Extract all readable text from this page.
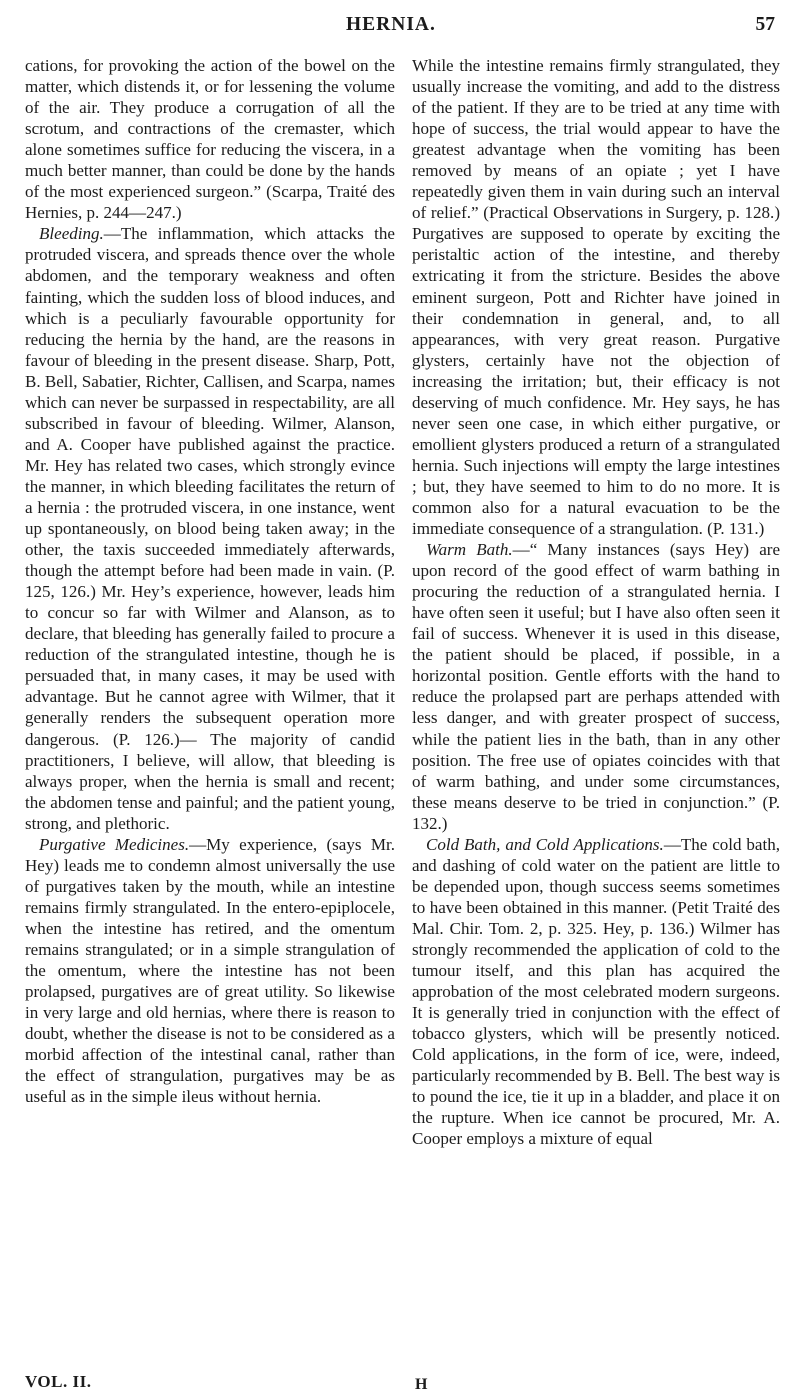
HERNIA.	57

cations, for provoking the action of the bowel on the matter, which distends it, or for lessening the volume of the air. They produce a corrugation of all the scrotum, and contractions of the cremaster, which alone sometimes suffice for reducing the viscera, in a much better manner, than could be done by the hands of the most experienced surgeon.” (Scarpa, Traité des Hernies, p. 244—247.)

Bleeding.—The inflammation, which attacks the protruded viscera, and spreads thence over the whole abdomen, and the temporary weakness and often fainting, which the sudden loss of blood induces, and which is a peculiarly favourable opportunity for reducing the hernia by the hand, are the reasons in favour of bleeding in the present disease. Sharp, Pott, B. Bell, Sabatier, Richter, Callisen, and Scarpa, names which can never be surpassed in respectability, are all subscribed in favour of bleeding. Wilmer, Alanson, and A. Cooper have published against the practice. Mr. Hey has related two cases, which strongly evince the manner, in which bleeding facilitates the return of a hernia : the protruded viscera, in one instance, went up spontaneously, on blood being taken away; in the other, the taxis succeeded immediately afterwards, though the attempt before had been made in vain. (P. 125, 126.) Mr. Hey’s experience, however, leads him to concur so far with Wilmer and Alanson, as to declare, that bleeding has generally failed to procure a reduction of the strangulated intestine, though he is persuaded that, in many cases, it may be used with advantage. But he cannot agree with Wilmer, that it generally renders the subsequent operation more dangerous. (P. 126.)— The majority of candid practitioners, I believe, will allow, that bleeding is always proper, when the hernia is small and recent; the abdomen tense and painful; and the patient young, strong, and plethoric.

Purgative Medicines.—My experience, (says Mr. Hey) leads me to condemn almost universally the use of purgatives taken by the mouth, while an intestine remains firmly strangulated. In the entero-epiplocele, when the intestine has retired, and the omentum remains strangulated; or in a simple strangulation of the omentum, where the intestine has not been prolapsed, purgatives are of great utility. So likewise in very large and old hernias, where there is reason to doubt, whether the disease is not to be considered as a morbid affection of the intestinal canal, rather than the effect of strangulation, purgatives may be as useful as in the simple ileus without hernia.

While the intestine remains firmly strangulated, they usually increase the vomiting, and add to the distress of the patient. If they are to be tried at any time with hope of success, the trial would appear to have the greatest advantage when the vomiting has been removed by means of an opiate ; yet I have repeatedly given them in vain during such an interval of relief.” (Practical Observations in Surgery, p. 128.) Purgatives are supposed to operate by exciting the peristaltic action of the intestine, and thereby extricating it from the stricture. Besides the above eminent surgeon, Pott and Richter have joined in their condemnation in general, and, to all appearances, with very great reason. Purgative glysters, certainly have not the objection of increasing the irritation; but, their efficacy is not deserving of much confidence. Mr. Hey says, he has never seen one case, in which either purgative, or emollient glysters produced a return of a strangulated hernia. Such injections will empty the large intestines ; but, they have seemed to him to do no more. It is common also for a natural evacuation to be the immediate consequence of a strangulation. (P. 131.)

Warm Bath.—“ Many instances (says Hey) are upon record of the good effect of warm bathing in procuring the reduction of a strangulated hernia. I have often seen it useful; but I have also often seen it fail of success. Whenever it is used in this disease, the patient should be placed, if possible, in a horizontal position. Gentle efforts with the hand to reduce the prolapsed part are perhaps attended with less danger, and with greater prospect of success, while the patient lies in the bath, than in any other position. The free use of opiates coincides with that of warm bathing, and under some circumstances, these means deserve to be tried in conjunction.” (P. 132.)

Cold Bath, and Cold Applications.—The cold bath, and dashing of cold water on the patient are little to be depended upon, though success seems sometimes to have been obtained in this manner. (Petit Traité des Mal. Chir. Tom. 2, p. 325. Hey, p. 136.) Wilmer has strongly recommended the application of cold to the tumour itself, and this plan has acquired the approbation of the most celebrated modern surgeons. It is generally tried in conjunction with the effect of tobacco glysters, which will be presently noticed. Cold applications, in the form of ice, were, indeed, particularly recommended by B. Bell. The best way is to pound the ice, tie it up in a bladder, and place it on the rupture. When ice cannot be procured, Mr. A. Cooper employs a mixture of equal

VOL. II.	H
